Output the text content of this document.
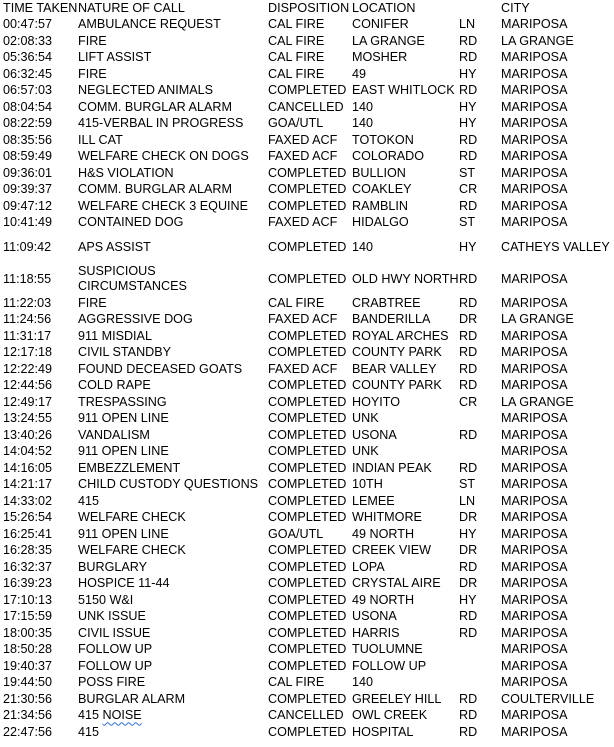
TIME TAKEN	NATURE OF CALL	DISPOSITION	LOCATION		CITY
00:47:57	AMBULANCE REQUEST	CAL FIRE	CONIFER	LN	MARIPOSA
02:08:33	FIRE	CAL FIRE	LA GRANGE	RD	LA GRANGE
05:36:54	LIFT ASSIST	CAL FIRE	MOSHER	RD	MARIPOSA
06:32:45	FIRE	CAL FIRE	49	HY	MARIPOSA
06:57:03	NEGLECTED ANIMALS	COMPLETED	EAST WHITLOCK	RD	MARIPOSA
08:04:54	COMM. BURGLAR ALARM	CANCELLED	140	HY	MARIPOSA
08:22:59	415-VERBAL IN PROGRESS	GOA/UTL	140	HY	MARIPOSA
08:35:56	ILL CAT	FAXED ACF	TOTOKON	RD	MARIPOSA
08:59:49	WELFARE CHECK ON DOGS	FAXED ACF	COLORADO	RD	MARIPOSA
09:36:01	H&S VIOLATION	COMPLETED	BULLION	ST	MARIPOSA
09:39:37	COMM. BURGLAR ALARM	COMPLETED	COAKLEY	CR	MARIPOSA
09:47:12	WELFARE CHECK 3 EQUINE	COMPLETED	RAMBLIN	RD	MARIPOSA
10:41:49	CONTAINED DOG	FAXED ACF	HIDALGO	ST	MARIPOSA
11:09:42	APS ASSIST	COMPLETED	140	HY	CATHEYS VALLEY
11:18:55	SUSPICIOUS CIRCUMSTANCES	COMPLETED	OLD HWY NORTH	RD	MARIPOSA
11:22:03	FIRE	CAL FIRE	CRABTREE	RD	MARIPOSA
11:24:56	AGGRESSIVE DOG	FAXED ACF	BANDERILLA	DR	LA GRANGE
11:31:17	911 MISDIAL	COMPLETED	ROYAL ARCHES	RD	MARIPOSA
12:17:18	CIVIL STANDBY	COMPLETED	COUNTY PARK	RD	MARIPOSA
12:22:49	FOUND DECEASED GOATS	FAXED ACF	BEAR VALLEY	RD	MARIPOSA
12:44:56	COLD RAPE	COMPLETED	COUNTY PARK	RD	MARIPOSA
12:49:17	TRESPASSING	COMPLETED	HOYITO	CR	LA GRANGE
13:24:55	911 OPEN LINE	COMPLETED	UNK		MARIPOSA
13:40:26	VANDALISM	COMPLETED	USONA	RD	MARIPOSA
14:04:52	911 OPEN LINE	COMPLETED	UNK		MARIPOSA
14:16:05	EMBEZZLEMENT	COMPLETED	INDIAN PEAK	RD	MARIPOSA
14:21:17	CHILD CUSTODY QUESTIONS	COMPLETED	10TH	ST	MARIPOSA
14:33:02	415	COMPLETED	LEMEE	LN	MARIPOSA
15:26:54	WELFARE CHECK	COMPLETED	WHITMORE	DR	MARIPOSA
16:25:41	911 OPEN LINE	GOA/UTL	49 NORTH	HY	MARIPOSA
16:28:35	WELFARE CHECK	COMPLETED	CREEK VIEW	DR	MARIPOSA
16:32:37	BURGLARY	COMPLETED	LOPA	RD	MARIPOSA
16:39:23	HOSPICE 11-44	COMPLETED	CRYSTAL AIRE	DR	MARIPOSA
17:10:13	5150 W&I	COMPLETED	49 NORTH	HY	MARIPOSA
17:15:59	UNK ISSUE	COMPLETED	USONA	RD	MARIPOSA
18:00:35	CIVIL ISSUE	COMPLETED	HARRIS	RD	MARIPOSA
18:50:28	FOLLOW UP	COMPLETED	TUOLUMNE		MARIPOSA
19:40:37	FOLLOW UP	COMPLETED	FOLLOW UP		MARIPOSA
19:44:50	POSS FIRE	CAL FIRE	140		MARIPOSA
21:30:56	BURGLAR ALARM	COMPLETED	GREELEY HILL	RD	COULTERVILLE
21:34:56	415 NOISE	CANCELLED	OWL CREEK	RD	MARIPOSA
22:47:56	415	COMPLETED	HOSPITAL	RD	MARIPOSA
